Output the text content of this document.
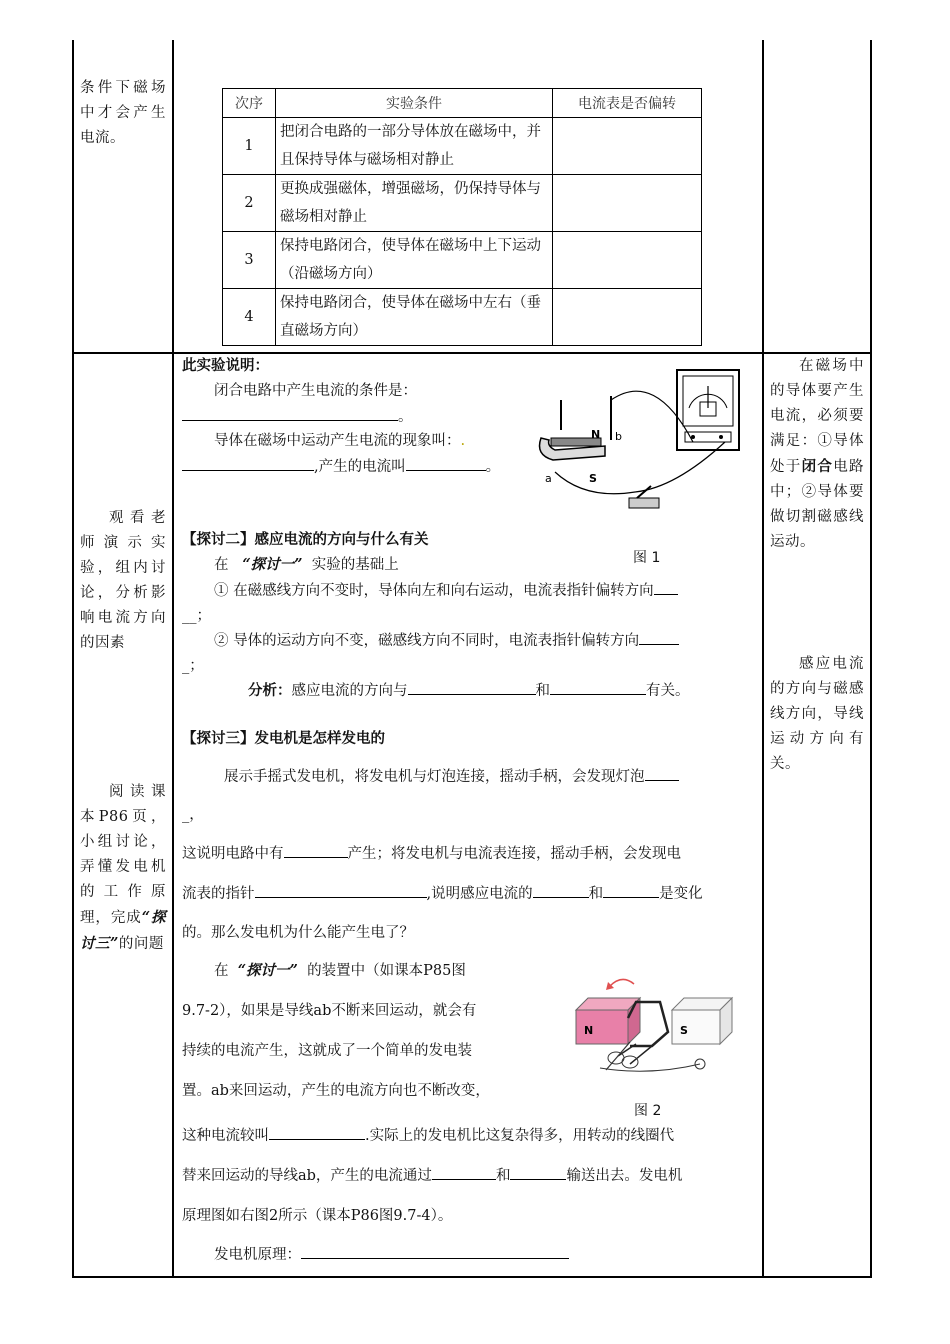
条件下磁场中才会产生电流。
观看老师演示实验，组内讨论，分析影响电流方向的因素
阅读课本P86页，小组讨论，弄懂发电机的工作原理，完成“探讨三”的问题
次序	实验条件	电流表是否偏转
1	把闭合电路的一部分导体放在磁场中，并且保持导体与磁场相对静止	
2	更换成强磁体，增强磁场，仍保持导体与磁场相对静止	
3	保持电路闭合，使导体在磁场中上下运动（沿磁场方向）	
4	保持电路闭合，使导体在磁场中左右（垂直磁场方向）	
此实验说明：
闭合电路中产生电流的条件是：
。
导体在磁场中运动产生电流的现象叫：.
,产生的电流叫	。
N b
S
a
图 1
【探讨二】感应电流的方向与什么有关
在 “探讨一” 实验的基础上
① 在磁感线方向不变时，导体向左和向右运动，电流表指针偏转方向
__；
② 导体的运动方向不变，磁感线方向不同时，电流表指针偏转方向
_；
分析：感应电流的方向与	和	有关。
【探讨三】发电机是怎样发电的
展示手摇式发电机，将发电机与灯泡连接，摇动手柄，会发现灯泡
_，
这说明电路中有	产生；将发电机与电流表连接，摇动手柄，会发现电
流表的指针	,说明感应电流的	和	是变化
的。那么发电机为什么能产生电了？
在 “探讨一” 的装置中（如课本P85图
9.7-2），如果是导线ab不断来回运动，就会有
持续的电流产生，这就成了一个简单的发电装
置。ab来回运动，产生的电流方向也不断改变，
N	S
图 2
这种电流较叫	.实际上的发电机比这复杂得多，用转动的线圈代
替来回运动的导线ab，产生的电流通过	和	输送出去。发电机
原理图如右图2所示（课本P86图9.7-4）。
发电机原理：
在磁场中的导体要产生电流，必须要满足：①导体处于闭合电路中；②导体要做切割磁感线运动。
感应电流的方向与磁感线方向，导线运动方向有关。
